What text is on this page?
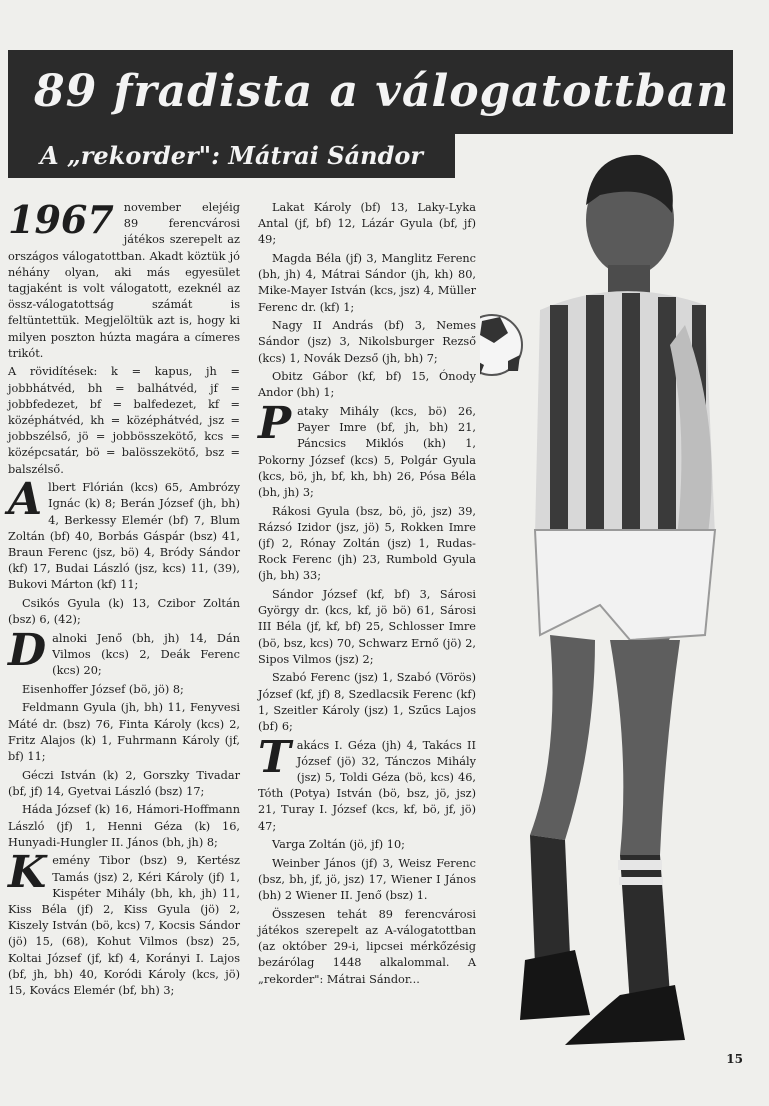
89 fradista a válogatottban
A „rekorder": Mátrai Sándor

1967 november elejéig 89 ferencvárosi játékos szerepelt az országos válogatottban. Akadt köztük jó néhány olyan, aki más egyesület tagjaként is volt válogatott, ezeknél az össz-válogatottság számát is feltüntettük. Megjelöltük azt is, hogy ki milyen poszton húzta magára a címeres trikót.

A rövidítések: k = kapus, jh = jobbhátvéd, bh = balhátvéd, jf = jobbfedezet, bf = balfedezet, kf = középhátvéd, kh = középhátvéd, jsz = jobbszélső, jö = jobbösszekötő, kcs = középcsatár, bö = balösszekötő, bsz = balszélső.

Albert Flórián (kcs) 65, Ambrózy Ignác (k) 8; Berán József (jh, bh) 4, Berkessy Elemér (bf) 7, Blum Zoltán (bf) 40, Borbás Gáspár (bsz) 41, Braun Ferenc (jsz, bö) 4, Bródy Sándor (kf) 17, Budai László (jsz, kcs) 11, (39), Bukovi Márton (kf) 11;

Csikós Gyula (k) 13, Czibor Zoltán (bsz) 6, (42);

Dalnoki Jenő (bh, jh) 14, Dán Vilmos (kcs) 2, Deák Ferenc (kcs) 20;

Eisenhoffer József (bö, jö) 8;

Feldmann Gyula (jh, bh) 11, Fenyvesi Máté dr. (bsz) 76, Finta Károly (kcs) 2, Fritz Alajos (k) 1, Fuhrmann Károly (jf, bf) 11;

Géczi István (k) 2, Gorszky Tivadar (bf, jf) 14, Gyetvai László (bsz) 17;

Háda József (k) 16, Hámori-Hoffmann László (jf) 1, Henni Géza (k) 16, Hunyadi-Hungler II. János (bh, jh) 8;

Kemény Tibor (bsz) 9, Kertész Tamás (jsz) 2, Kéri Károly (jf) 1, Kispéter Mihály (bh, kh, jh) 11, Kiss Béla (jf) 2, Kiss Gyula (jö) 2, Kiszely István (bö, kcs) 7, Kocsis Sándor (jö) 15, (68), Kohut Vilmos (bsz) 25, Koltai József (jf, kf) 4, Korányi I. Lajos (bf, jh, bh) 40, Koródi Károly (kcs, jö) 15, Kovács Elemér (bf, bh) 3;

Lakat Károly (bf) 13, Laky-Lyka Antal (jf, bf) 12, Lázár Gyula (bf, jf) 49;

Magda Béla (jf) 3, Manglitz Ferenc (bh, jh) 4, Mátrai Sándor (jh, kh) 80, Mike-Mayer István (kcs, jsz) 4, Müller Ferenc dr. (kf) 1;

Nagy II András (bf) 3, Nemes Sándor (jsz) 3, Nikolsburger Rezső (kcs) 1, Novák Dezső (jh, bh) 7;

Obitz Gábor (kf, bf) 15, Ónody Andor (bh) 1;

Pataky Mihály (kcs, bö) 26, Payer Imre (bf, jh, bh) 21, Páncsics Miklós (kh) 1, Pokorny József (kcs) 5, Polgár Gyula (kcs, bö, jh, bf, kh, bh) 26, Pósa Béla (bh, jh) 3;

Rákosi Gyula (bsz, bö, jö, jsz) 39, Rázsó Izidor (jsz, jö) 5, Rokken Imre (jf) 2, Rónay Zoltán (jsz) 1, Rudas-Rock Ferenc (jh) 23, Rumbold Gyula (jh, bh) 33;

Sándor József (kf, bf) 3, Sárosi György dr. (kcs, kf, jö bö) 61, Sárosi III Béla (jf, kf, bf) 25, Schlosser Imre (bö, bsz, kcs) 70, Schwarz Ernő (jö) 2, Sipos Vilmos (jsz) 2;

Szabó Ferenc (jsz) 1, Szabó (Vörös) József (kf, jf) 8, Szedlacsik Ferenc (kf) 1, Szeitler Károly (jsz) 1, Szűcs Lajos (bf) 6;

Takács I. Géza (jh) 4, Takács II József (jö) 32, Tánczos Mihály (jsz) 5, Toldi Géza (bö, kcs) 46, Tóth (Potya) István (bö, bsz, jö, jsz) 21, Turay I. József (kcs, kf, bö, jf, jö) 47;

Varga Zoltán (jö, jf) 10;

Weinber János (jf) 3, Weisz Ferenc (bsz, bh, jf, jö, jsz) 17, Wiener I János (bh) 2 Wiener II. Jenő (bsz) 1.

Összesen tehát 89 ferencvárosi játékos szerepelt az A-válogatottban (az október 29-i, lipcsei mérkőzésig bezárólag 1448 alkalommal. A „rekorder": Mátrai Sándor...

15
